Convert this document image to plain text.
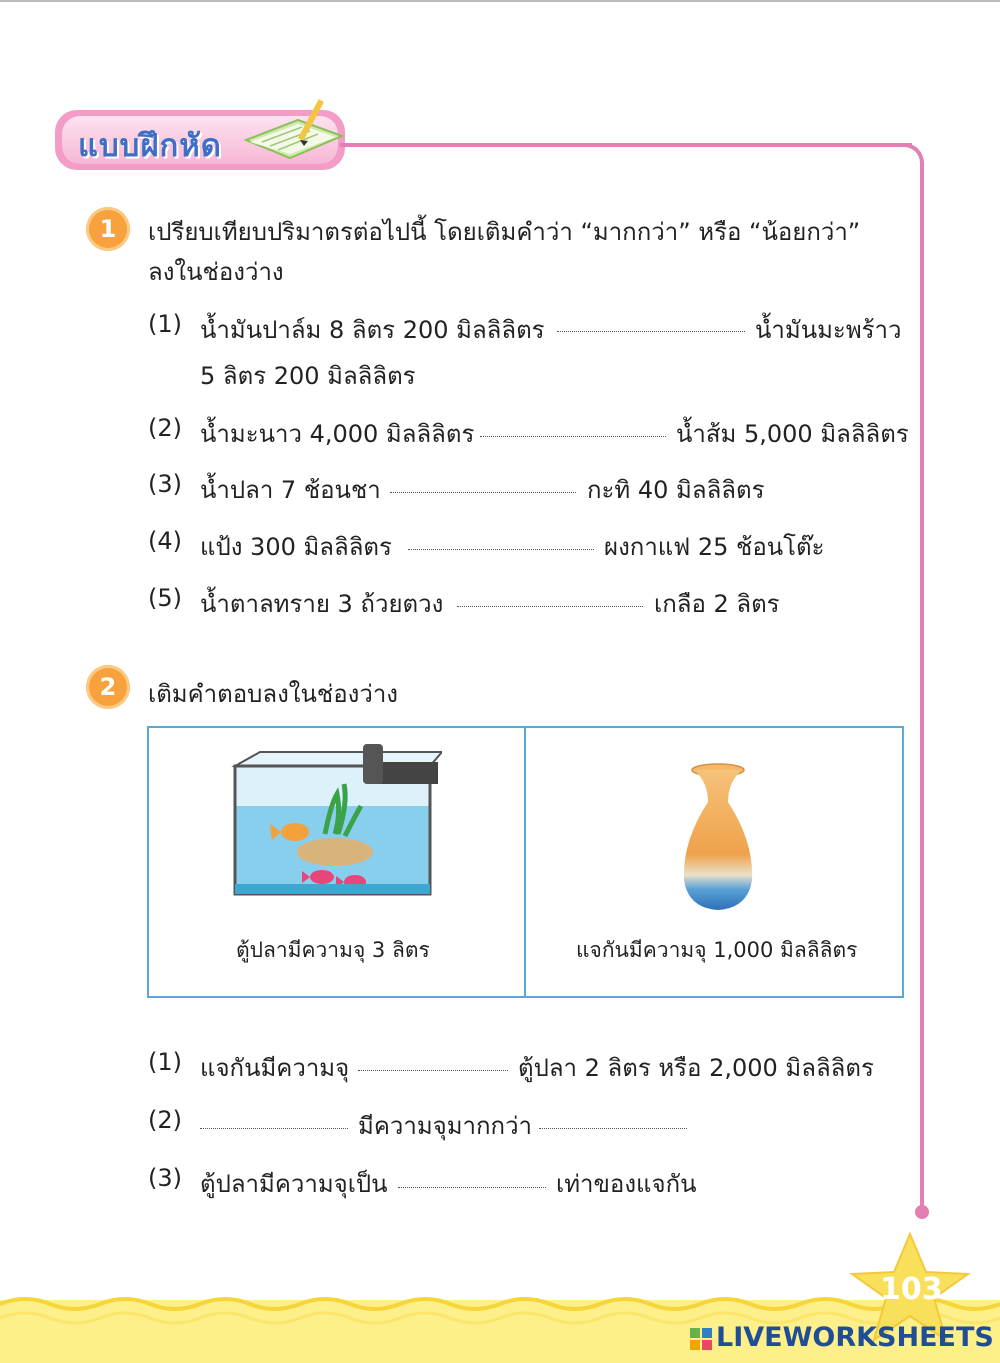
แบบฝึกหัด
1	เปรียบเทียบปริมาตรต่อไปนี้ โดยเติมคำว่า “มากกว่า” หรือ “น้อยกว่า”
ลงในช่องว่าง
(1) น้ำมันปาล์ม 8 ลิตร 200 มิลลิลิตร	น้ำมันมะพร้าว
5 ลิตร 200 มิลลิลิตร
(2) น้ำมะนาว 4,000 มิลลิลิตร	น้ำส้ม 5,000 มิลลิลิตร
(3) น้ำปลา 7 ช้อนชา	กะทิ 40 มิลลิลิตร
(4) แป้ง 300 มิลลิลิตร	ผงกาแฟ 25 ช้อนโต๊ะ
(5) น้ำตาลทราย 3 ถ้วยตวง	เกลือ 2 ลิตร
2	เติมคำตอบลงในช่องว่าง
ตู้ปลามีความจุ 3 ลิตร	แจกันมีความจุ 1,000 มิลลิลิตร
(1) แจกันมีความจุ	ตู้ปลา 2 ลิตร หรือ 2,000 มิลลิลิตร
(2)	มีความจุมากกว่า
(3) ตู้ปลามีความจุเป็น	เท่าของแจกัน
103
LIVEWORKSHEETS
